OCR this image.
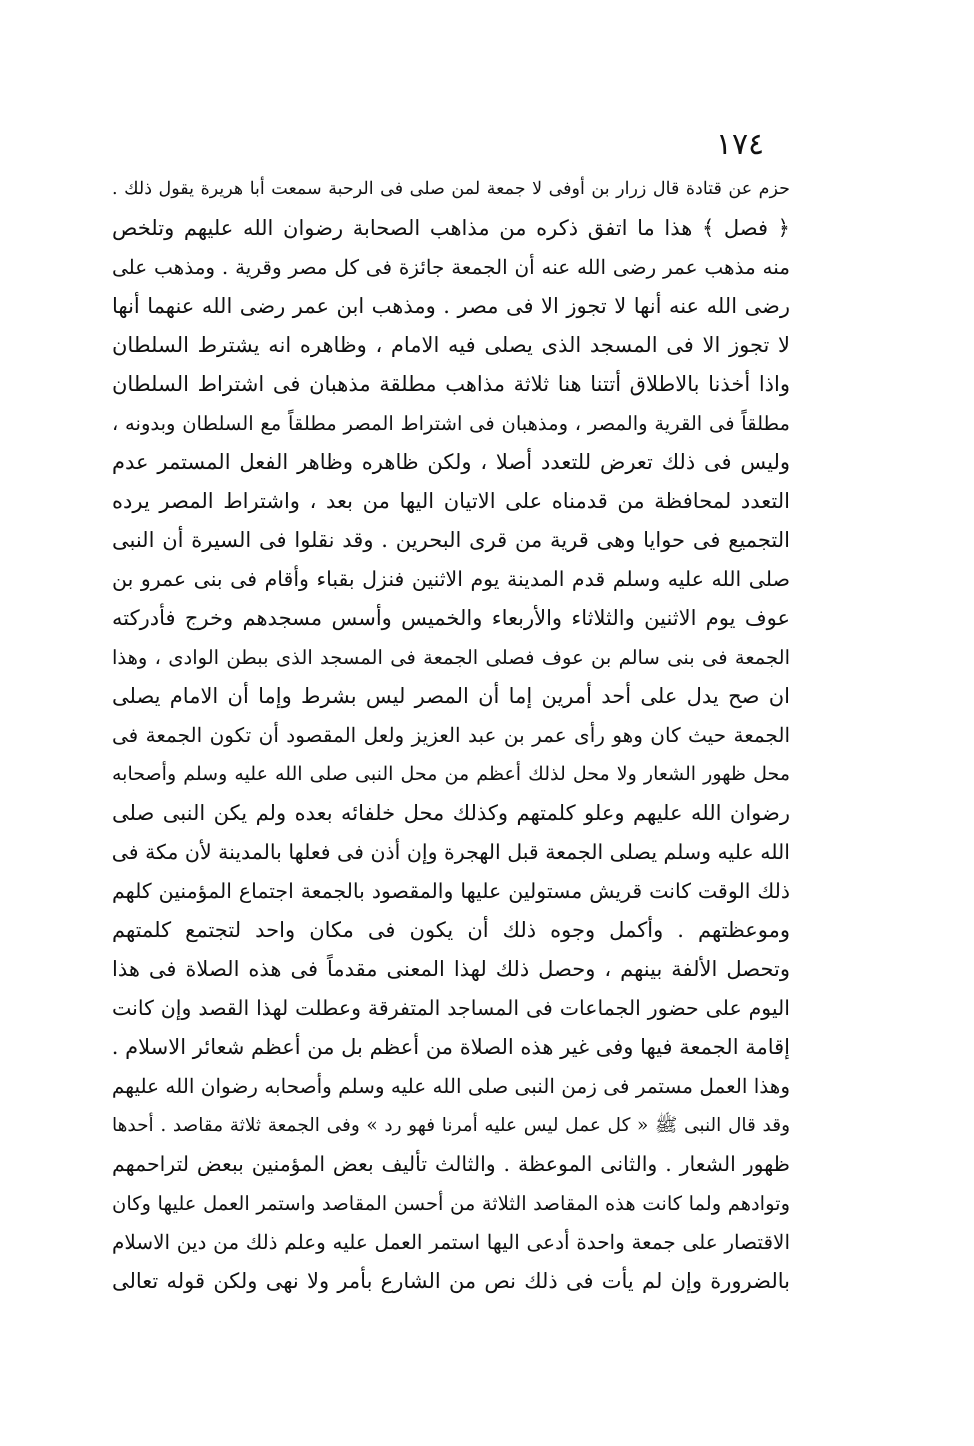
١٧٤
حزم عن قتادة قال زرار بن أوفى لا جمعة لمن صلى فى الرحبة سمعت أبا هريرة يقول ذلك .
﴿ فصل ﴾ هذا ما اتفق ذكره من مذاهب الصحابة رضوان الله عليهم وتلخص
منه مذهب عمر رضى الله عنه أن الجمعة جائزة فى كل مصر وقرية . ومذهب على
رضى الله عنه أنها لا تجوز الا فى مصر . ومذهب ابن عمر رضى الله عنهما أنها
لا تجوز الا فى المسجد الذى يصلى فيه الامام ، وظاهره انه يشترط السلطان
واذا أخذنا بالاطلاق أتتنا هنا ثلاثة مذاهب مطلقة مذهبان فى اشتراط السلطان
مطلقاً فى القرية والمصر ، ومذهبان فى اشتراط المصر مطلقاً مع السلطان وبدونه ،
وليس فى ذلك تعرض للتعدد أصلا ، ولكن ظاهره وظاهر الفعل المستمر عدم
التعدد لمحافظة من قدمناه على الاتيان اليها من بعد ، واشتراط المصر يرده
التجميع فى حوايا وهى قرية من قرى البحرين . وقد نقلوا فى السيرة أن النبى
صلى الله عليه وسلم قدم المدينة يوم الاثنين فنزل بقباء وأقام فى بنى عمرو بن
عوف يوم الاثنين والثلاثاء والأربعاء والخميس وأسس مسجدهم وخرج فأدركته
الجمعة فى بنى سالم بن عوف فصلى الجمعة فى المسجد الذى ببطن الوادى ، وهذا
ان صح يدل على أحد أمرين إما أن المصر ليس بشرط وإما أن الامام يصلى
الجمعة حيث كان وهو رأى عمر بن عبد العزيز ولعل المقصود أن تكون الجمعة فى
محل ظهور الشعار ولا محل لذلك أعظم من محل النبى صلى الله عليه وسلم وأصحابه
رضوان الله عليهم وعلو كلمتهم وكذلك محل خلفائه بعده ولم يكن النبى صلى
الله عليه وسلم يصلى الجمعة قبل الهجرة وإن أذن فى فعلها بالمدينة لأن مكة فى
ذلك الوقت كانت قريش مستولين عليها والمقصود بالجمعة اجتماع المؤمنين كلهم
وموعظتهم . وأكمل وجوه ذلك أن يكون فى مكان واحد لتجتمع كلمتهم
وتحصل الألفة بينهم ، وحصل ذلك لهذا المعنى مقدماً فى هذه الصلاة فى هذا
اليوم على حضور الجماعات فى المساجد المتفرقة وعطلت لهذا القصد وإن كانت
إقامة الجمعة فيها وفى غير هذه الصلاة من أعظم بل من أعظم شعائر الاسلام .
وهذا العمل مستمر فى زمن النبى صلى الله عليه وسلم وأصحابه رضوان الله عليهم
وقد قال النبى ﷺ « كل عمل ليس عليه أمرنا فهو رد » وفى الجمعة ثلاثة مقاصد . أحدها
ظهور الشعار . والثانى الموعظة . والثالث تأليف بعض المؤمنين ببعض لتراحمهم
وتوادهم ولما كانت هذه المقاصد الثلاثة من أحسن المقاصد واستمر العمل عليها وكان
الاقتصار على جمعة واحدة أدعى اليها استمر العمل عليه وعلم ذلك من دين الاسلام
بالضرورة وإن لم يأت فى ذلك نص من الشارع بأمر ولا نهى ولكن قوله تعالى
